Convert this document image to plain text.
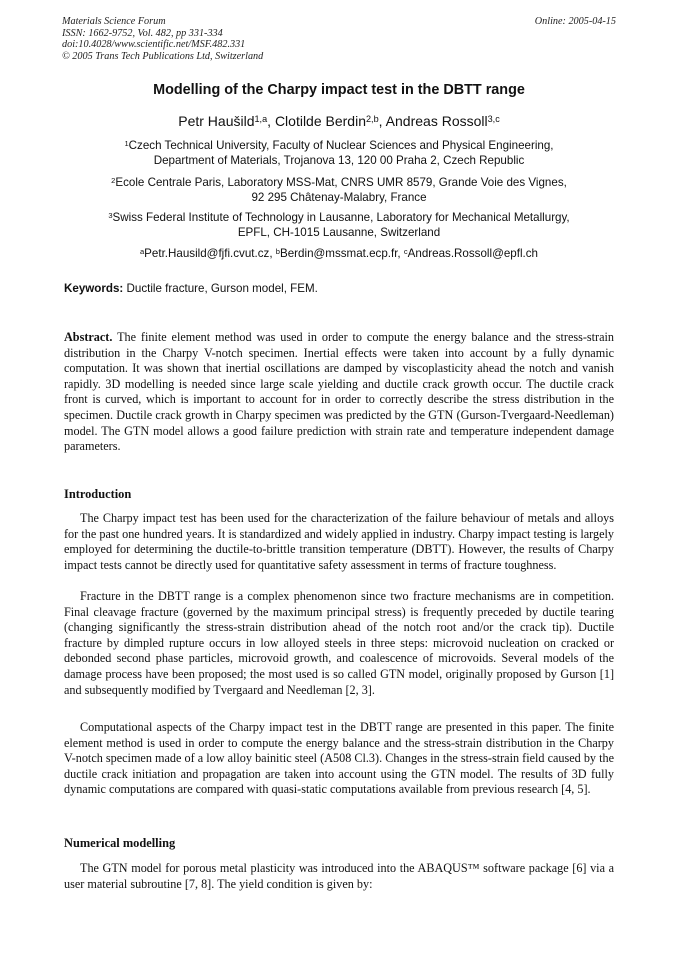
Materials Science Forum
ISSN: 1662-9752, Vol. 482, pp 331-334
doi:10.4028/www.scientific.net/MSF.482.331
© 2005 Trans Tech Publications Ltd, Switzerland
Online: 2005-04-15
Modelling of the Charpy impact test in the DBTT range
Petr Haušild$^{1,a}$, Clotilde Berdin$^{2,b}$, Andreas Rossoll$^{3,c}$
$^1$Czech Technical University, Faculty of Nuclear Sciences and Physical Engineering,
Department of Materials, Trojanova 13, 120 00 Praha 2, Czech Republic
$^2$Ecole Centrale Paris, Laboratory MSS-Mat, CNRS UMR 8579, Grande Voie des Vignes,
92 295 Châtenay-Malabry, France
$^3$Swiss Federal Institute of Technology in Lausanne, Laboratory for Mechanical Metallurgy,
EPFL, CH-1015 Lausanne, Switzerland
$^a$Petr.Hausild@fjfi.cvut.cz, $^b$Berdin@mssmat.ecp.fr, $^c$Andreas.Rossoll@epfl.ch
Keywords: Ductile fracture, Gurson model, FEM.
Abstract. The finite element method was used in order to compute the energy balance and the stress-strain distribution in the Charpy V-notch specimen. Inertial effects were taken into account by a fully dynamic computation. It was shown that inertial oscillations are damped by viscoplasticity ahead the notch and vanish rapidly. 3D modelling is needed since large scale yielding and ductile crack growth occur. The ductile crack front is curved, which is important to account for in order to correctly describe the stress distribution in the specimen. Ductile crack growth in Charpy specimen was predicted by the GTN (Gurson-Tvergaard-Needleman) model. The GTN model allows a good failure prediction with strain rate and temperature independent damage parameters.
Introduction
The Charpy impact test has been used for the characterization of the failure behaviour of metals and alloys for the past one hundred years. It is standardized and widely applied in industry. Charpy impact testing is largely employed for determining the ductile-to-brittle transition temperature (DBTT). However, the results of Charpy impact tests cannot be directly used for quantitative safety assessment in terms of fracture toughness.
Fracture in the DBTT range is a complex phenomenon since two fracture mechanisms are in competition. Final cleavage fracture (governed by the maximum principal stress) is frequently preceded by ductile tearing (changing significantly the stress-strain distribution ahead of the notch root and/or the crack tip). Ductile fracture by dimpled rupture occurs in low alloyed steels in three steps: microvoid nucleation on cracked or debonded second phase particles, microvoid growth, and coalescence of microvoids. Several models of the damage process have been proposed; the most used is so called GTN model, originally proposed by Gurson [1] and subsequently modified by Tvergaard and Needleman [2, 3].
Computational aspects of the Charpy impact test in the DBTT range are presented in this paper. The finite element method is used in order to compute the energy balance and the stress-strain distribution in the Charpy V-notch specimen made of a low alloy bainitic steel (A508 Cl.3). Changes in the stress-strain field caused by the ductile crack initiation and propagation are taken into account using the GTN model. The results of 3D fully dynamic computations are compared with quasi-static computations available from previous research [4, 5].
Numerical modelling
The GTN model for porous metal plasticity was introduced into the ABAQUS™ software package [6] via a user material subroutine [7, 8]. The yield condition is given by:
